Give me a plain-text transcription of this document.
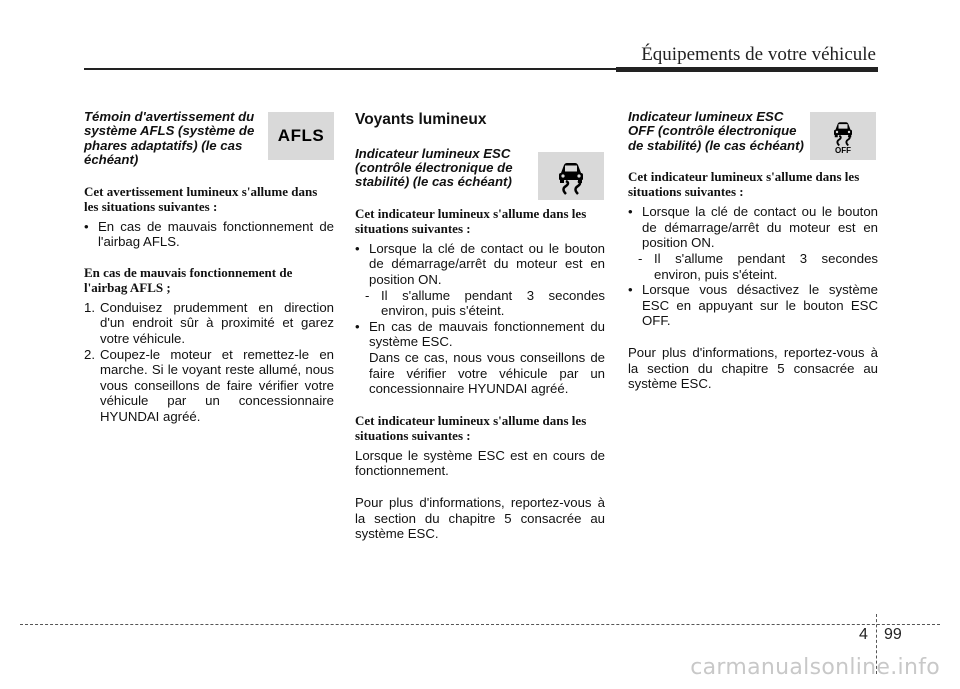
Équipements de votre véhicule
Témoin d'avertissement du système AFLS (système de phares adaptatifs) (le cas échéant)

Cet avertissement lumineux s'allume dans les situations suivantes :

• En cas de mauvais fonctionnement de l'airbag AFLS.

En cas de mauvais fonctionnement de l'airbag AFLS ;

1. Conduisez prudemment en direction d'un endroit sûr à proximité et garez votre véhicule.
2. Coupez-le moteur et remettez-le en marche. Si le voyant reste allumé, nous vous conseillons de faire vérifier votre véhicule par un concessionnaire HYUNDAI agréé.
AFLS
Voyants lumineux
Indicateur lumineux ESC (contrôle électronique de stabilité) (le cas échéant)

Cet indicateur lumineux s'allume dans les situations suivantes :

• Lorsque la clé de contact ou le bouton de démarrage/arrêt du moteur est en position ON.
- Il s'allume pendant 3 secondes environ, puis s'éteint.
• En cas de mauvais fonctionnement du système ESC.
Dans ce cas, nous vous conseillons de faire vérifier votre véhicule par un concessionnaire HYUNDAI agréé.

Cet indicateur lumineux s'allume dans les situations suivantes :

Lorsque le système ESC est en cours de fonctionnement.

Pour plus d'informations, reportez-vous à la section du chapitre 5 consacrée au système ESC.

Indicateur lumineux ESC OFF (contrôle électronique de stabilité) (le cas échéant)

Cet indicateur lumineux s'allume dans les situations suivantes :

• Lorsque la clé de contact ou le bouton de démarrage/arrêt du moteur est en position ON.
- Il s'allume pendant 3 secondes environ, puis s'éteint.
• Lorsque vous désactivez le système ESC en appuyant sur le bouton ESC OFF.

Pour plus d'informations, reportez-vous à la section du chapitre 5 consacrée au système ESC.

OFF
4 99
carmanualsonline.info
